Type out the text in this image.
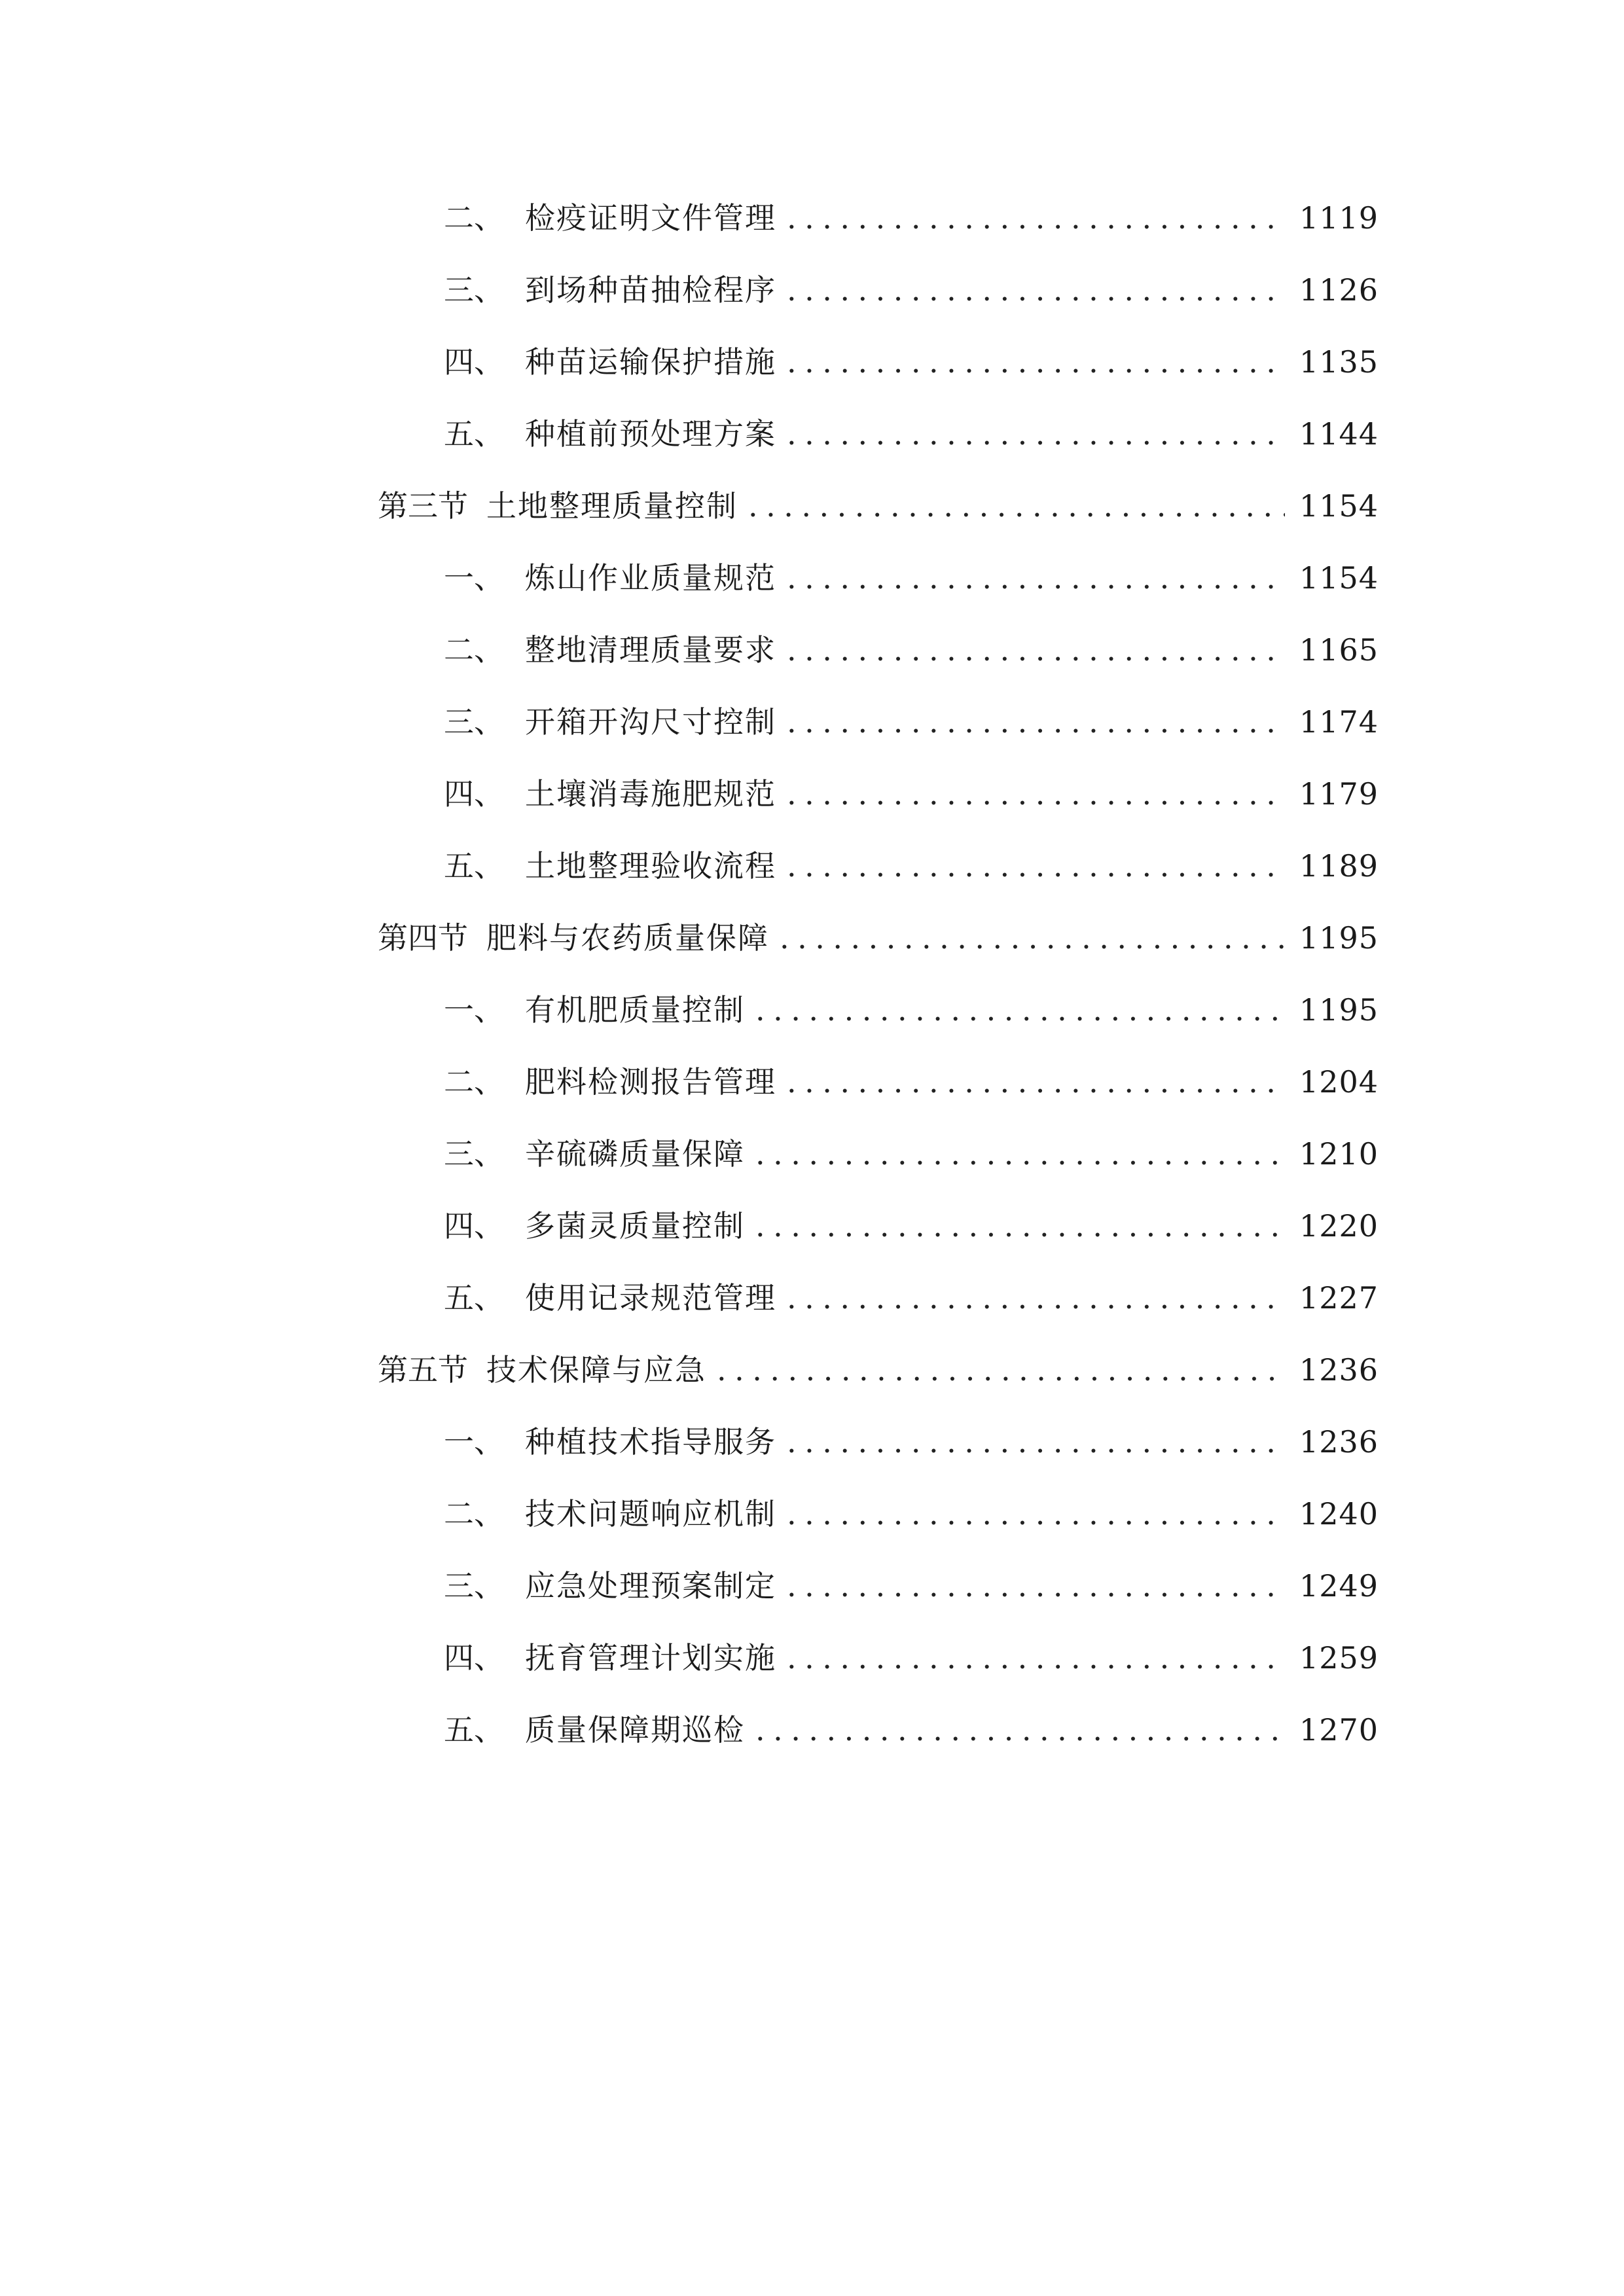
二、 检疫证明文件管理 .....	1119
三、 到场种苗抽检程序 .....	1126
四、 种苗运输保护措施 .....	1135
五、 种植前预处理方案 .....	1144
第三节 土地整理质量控制 .....	1154
一、 炼山作业质量规范 .....	1154
二、 整地清理质量要求 .....	1165
三、 开箱开沟尺寸控制 .....	1174
四、 土壤消毒施肥规范 .....	1179
五、 土地整理验收流程 .....	1189
第四节 肥料与农药质量保障 .....	1195
一、 有机肥质量控制 .....	1195
二、 肥料检测报告管理 .....	1204
三、 辛硫磷质量保障 .....	1210
四、 多菌灵质量控制 .....	1220
五、 使用记录规范管理 .....	1227
第五节 技术保障与应急 .....	1236
一、 种植技术指导服务 .....	1236
二、 技术问题响应机制 .....	1240
三、 应急处理预案制定 .....	1249
四、 抚育管理计划实施 .....	1259
五、 质量保障期巡检 .....	1270
